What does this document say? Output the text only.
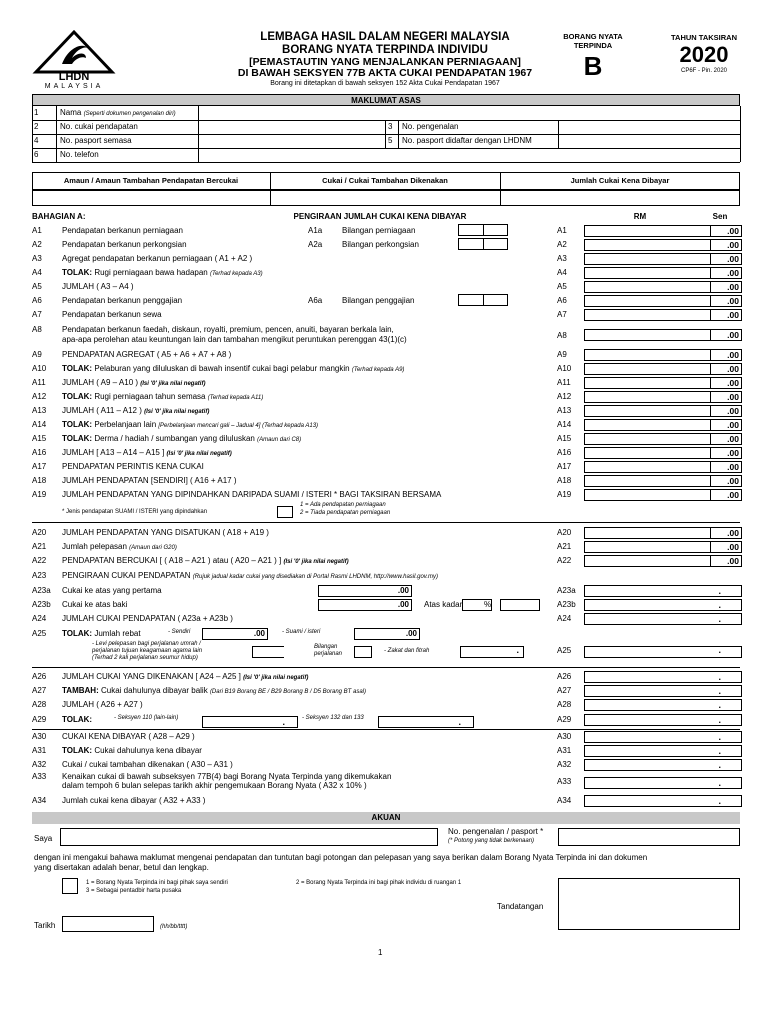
LHDN
MALAYSIA
LEMBAGA HASIL DALAM NEGERI MALAYSIA
BORANG NYATA TERPINDA INDIVIDU
[PEMASTAUTIN YANG MENJALANKAN PERNIAGAAN]
DI BAWAH SEKSYEN 77B AKTA CUKAI PENDAPATAN 1967
Borang ini ditetapkan di bawah seksyen 152 Akta Cukai Pendapatan 1967
BORANG NYATA TERPINDA
B
TAHUN TAKSIRAN
2020
CP6F - Pin. 2020
MAKLUMAT ASAS
1	Nama (Seperti dokumen pengenalan diri)
2	No. cukai pendapatan	3 No. pengenalan
4	No. pasport semasa	5 No. pasport didaftar dengan LHDNM
6	No. telefon
Amaun / Amaun Tambahan Pendapatan Bercukai	Cukai / Cukai Tambahan Dikenakan	Jumlah Cukai Kena Dibayar
BAHAGIAN A:	PENGIRAAN JUMLAH CUKAI KENA DIBAYAR	RM	Sen
A1	Pendapatan berkanun perniagaan	A1a Bilangan perniagaan	A1	.00
A2	Pendapatan berkanun perkongsian	A2a Bilangan perkongsian	A2	.00
A3	Agregat pendapatan berkanun perniagaan ( A1 + A2 )	A3	.00
A4	TOLAK: Rugi perniagaan bawa hadapan (Terhad kepada A3)	A4	.00
A5	JUMLAH ( A3 – A4 )	A5	.00
A6	Pendapatan berkanun penggajian	A6a Bilangan penggajian	A6	.00
A7	Pendapatan berkanun sewa	A7	.00
A8	Pendapatan berkanun faedah, diskaun, royalti, premium, pencen, anuiti, bayaran berkala lain,
apa-apa perolehan atau keuntungan lain dan tambahan mengikut peruntukan perenggan 43(1)(c)	A8	.00
A9	PENDAPATAN AGREGAT ( A5 + A6 + A7 + A8 )	A9	.00
A10	TOLAK: Pelaburan yang diluluskan di bawah insentif cukai bagi pelabur mangkin (Terhad kepada A9)	A10	.00
A11	JUMLAH ( A9 – A10 ) (Isi '0' jika nilai negatif)	A11	.00
A12	TOLAK: Rugi perniagaan tahun semasa (Terhad kepada A11)	A12	.00
A13	JUMLAH ( A11 – A12 ) (Isi '0' jika nilai negatif)	A13	.00
A14	TOLAK: Perbelanjaan lain [Perbelanjaan mencari gali – Jadual 4] (Terhad kepada A13)	A14	.00
A15	TOLAK: Derma / hadiah / sumbangan yang diluluskan (Amaun dari C8)	A15	.00
A16	JUMLAH [ A13 – A14 – A15 ] (Isi '0' jika nilai negatif)	A16	.00
A17	PENDAPATAN PERINTIS KENA CUKAI	A17	.00
A18	JUMLAH PENDAPATAN [SENDIRI] ( A16 + A17 )	A18	.00
A19	JUMLAH PENDAPATAN YANG DIPINDAHKAN DARIPADA SUAMI / ISTERI * BAGI TAKSIRAN BERSAMA	A19	.00
* Jenis pendapatan SUAMI / ISTERI yang dipindahkan
1 = Ada pendapatan perniagaan
2 = Tiada pendapatan perniagaan
A20	JUMLAH PENDAPATAN YANG DISATUKAN ( A18 + A19 )	A20	.00
A21	Jumlah pelepasan (Amaun dari G20)	A21	.00
A22	PENDAPATAN BERCUKAI [ ( A18 – A21 ) atau ( A20 – A21 ) ] (Isi '0' jika nilai negatif)	A22	.00
A23	PENGIRAAN CUKAI PENDAPATAN (Rujuk jadual kadar cukai yang disediakan di Portal Rasmi LHDNM, http://www.hasil.gov.my)
A23a	Cukai ke atas yang pertama	.00	A23a	.
A23b	Cukai ke atas baki	.00 Atas kadar	%	A23b	.
A24	JUMLAH CUKAI PENDAPATAN ( A23a + A23b )	A24	.
A25	TOLAK: Jumlah rebat	- Sendiri	.00	- Suami / isteri	.00
- Levi pelepasan bagi perjalanan umrah /
perjalanan tujuan keagamaan agama lain
(Terhad 2 kali perjalanan seumur hidup)
Bilangan
perjalanan	- Zakat dan fitrah	.	A25	.
A26	JUMLAH CUKAI YANG DIKENAKAN [ A24 – A25 ] (Isi '0' jika nilai negatif)	A26	.
A27	TAMBAH: Cukai dahulunya dibayar balik (Dari B19 Borang BE / B29 Borang B / D5 Borang BT asal)	A27	.
A28	JUMLAH ( A26 + A27 )	A28	.
A29	TOLAK:	- Seksyen 110 (lain-lain)	.	- Seksyen 132 dan 133	.	A29	.
A30	CUKAI KENA DIBAYAR ( A28 – A29 )	A30	.
A31	TOLAK: Cukai dahulunya kena dibayar	A31	.
A32	Cukai / cukai tambahan dikenakan ( A30 – A31 )	A32	.
A33	Kenaikan cukai di bawah subseksyen 77B(4) bagi Borang Nyata Terpinda yang dikemukakan
dalam tempoh 6 bulan selepas tarikh akhir pengemukaan Borang Nyata ( A32 x 10% )	A33	.
A34	Jumlah cukai kena dibayar ( A32 + A33 )	A34	.
AKUAN
Saya
No. pengenalan / pasport *
(* Potong yang tidak berkenaan)
dengan ini mengakui bahawa maklumat mengenai pendapatan dan tuntutan bagi potongan dan pelepasan yang saya berikan dalam Borang Nyata Terpinda ini dan dokumen
yang disertakan adalah benar, betul dan lengkap.
1 = Borang Nyata Terpinda ini bagi pihak saya sendiri	2 = Borang Nyata Terpinda ini bagi pihak individu di ruangan 1
3 = Sebagai pentadbir harta pusaka
Tandatangan
Tarikh	(hh/bb/tttt)
1
